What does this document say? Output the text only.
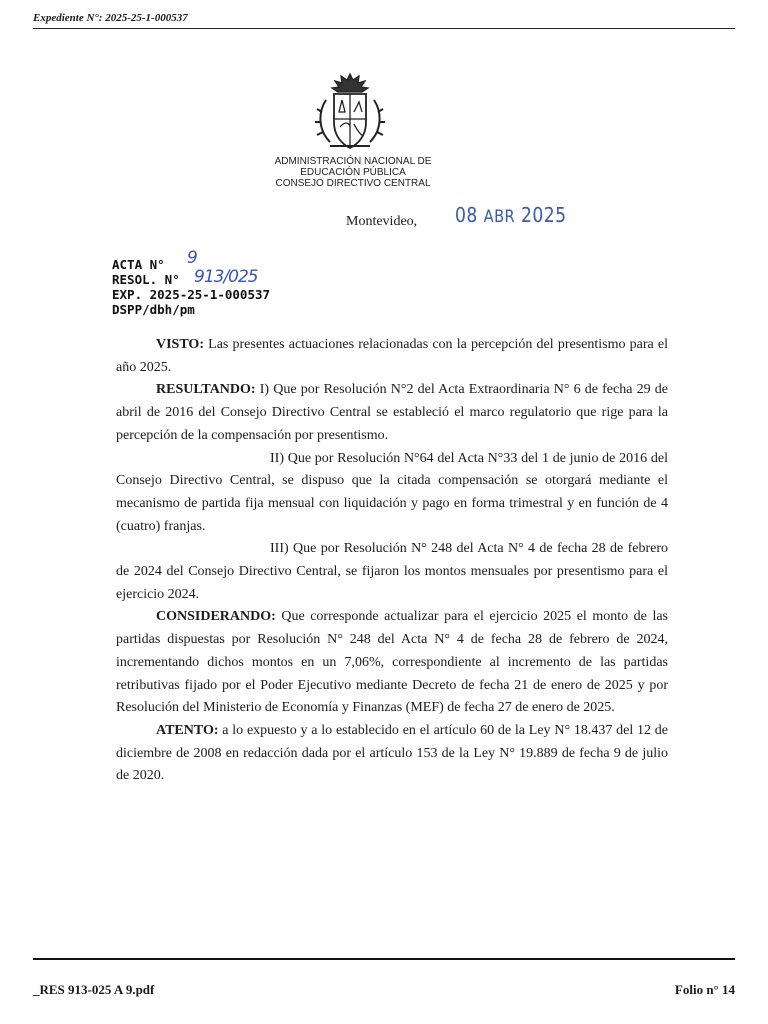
Expediente N°: 2025-25-1-000537
ADMINISTRACIÓN NACIONAL DE
EDUCACIÓN PÚBLICA
CONSEJO DIRECTIVO CENTRAL
Montevideo, 08 ABR 2025
ACTA N°
RESOL. N°
EXP. 2025-25-1-000537
DSPP/dbh/pm
9
913/025

VISTO: Las presentes actuaciones relacionadas con la percepción del presentismo para el año 2025.

RESULTANDO: I) Que por Resolución N°2 del Acta Extraordinaria N° 6 de fecha 29 de abril de 2016 del Consejo Directivo Central se estableció el marco regulatorio que rige para la percepción de la compensación por presentismo.

II) Que por Resolución N°64 del Acta N°33 del 1 de junio de 2016 del Consejo Directivo Central, se dispuso que la citada compensación se otorgará mediante el mecanismo de partida fija mensual con liquidación y pago en forma trimestral y en función de 4 (cuatro) franjas.

III) Que por Resolución N° 248 del Acta N° 4 de fecha 28 de febrero de 2024 del Consejo Directivo Central, se fijaron los montos mensuales por presentismo para el ejercicio 2024.

CONSIDERANDO: Que corresponde actualizar para el ejercicio 2025 el monto de las partidas dispuestas por Resolución N° 248 del Acta N° 4 de fecha 28 de febrero de 2024, incrementando dichos montos en un 7,06%, correspondiente al incremento de las partidas retributivas fijado por el Poder Ejecutivo mediante Decreto de fecha 21 de enero de 2025 y por Resolución del Ministerio de Economía y Finanzas (MEF) de fecha 27 de enero de 2025.

ATENTO: a lo expuesto y a lo establecido en el artículo 60 de la Ley N° 18.437 del 12 de diciembre de 2008 en redacción dada por el artículo 153 de la Ley N° 19.889 de fecha 9 de julio de 2020.

_RES 913-025 A 9.pdf	Folio n° 14
